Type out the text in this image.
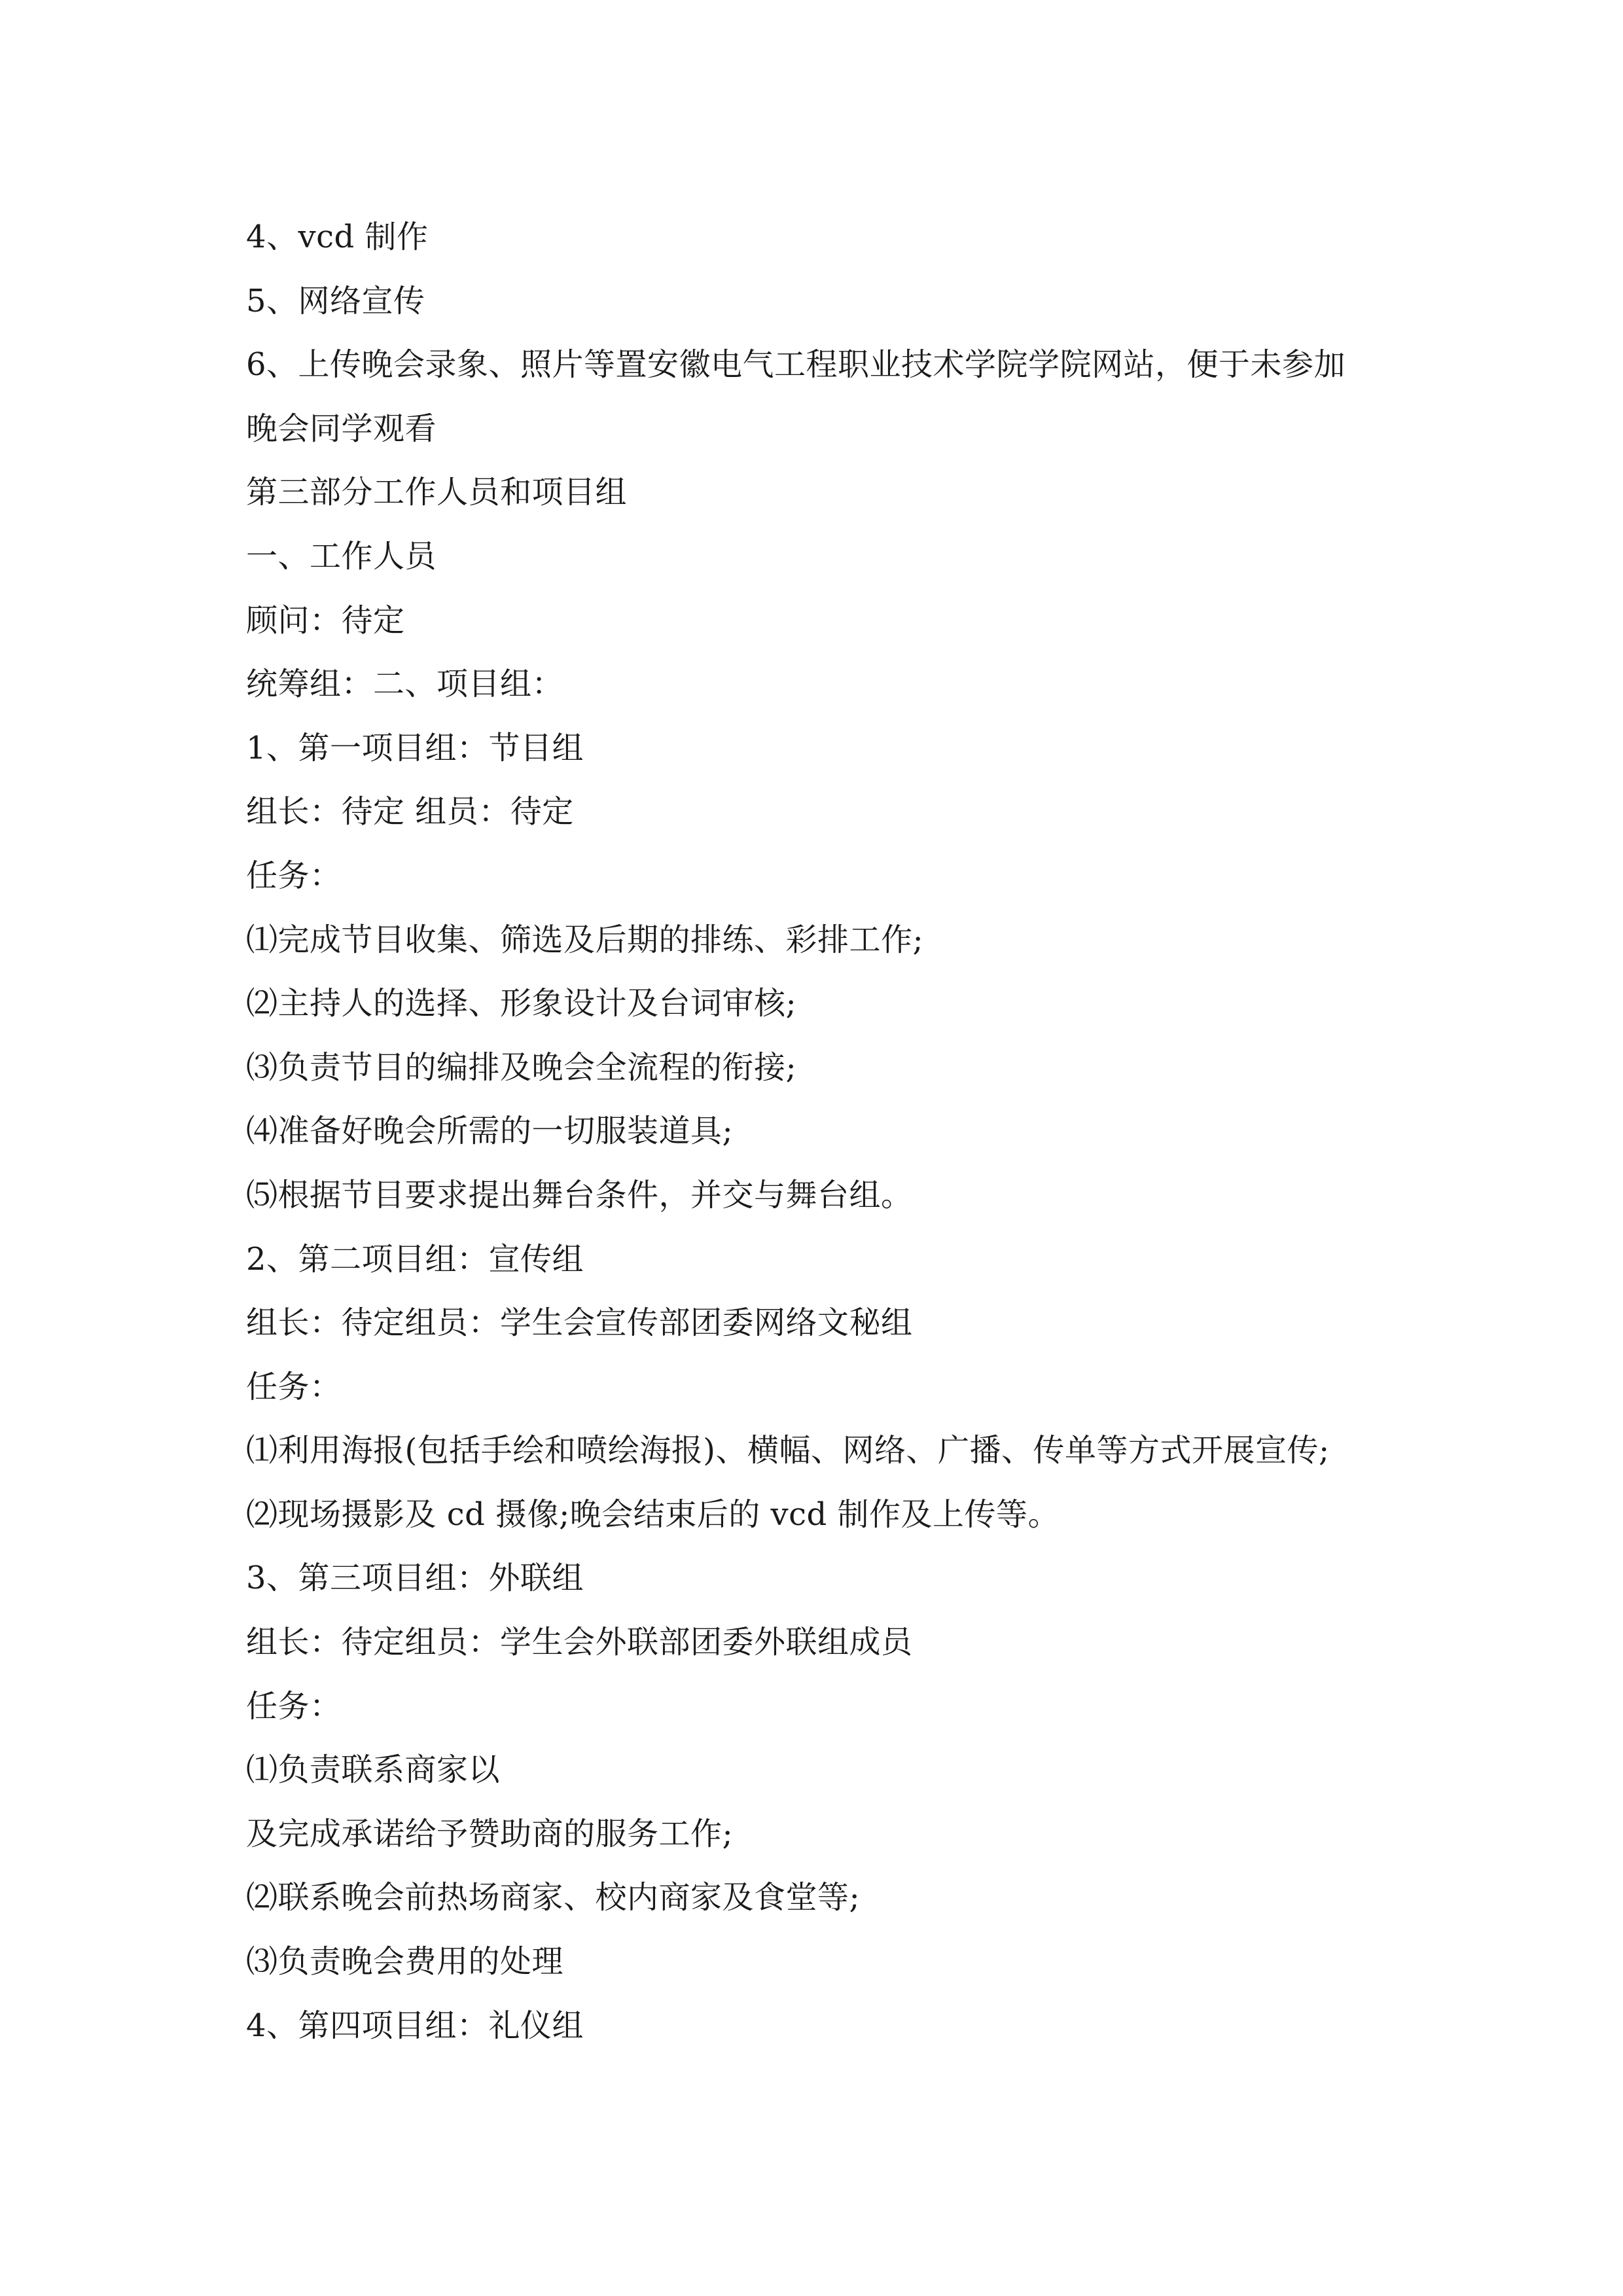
4、vcd 制作
5、网络宣传
6、上传晚会录象、照片等置安徽电气工程职业技术学院学院网站，便于未参加
晚会同学观看
第三部分工作人员和项目组
一、工作人员
顾问：待定
统筹组：二、项目组：
1、第一项目组：节目组
组长：待定 组员：待定
任务：
⑴完成节目收集、筛选及后期的排练、彩排工作;
⑵主持人的选择、形象设计及台词审核;
⑶负责节目的编排及晚会全流程的衔接;
⑷准备好晚会所需的一切服装道具;
⑸根据节目要求提出舞台条件，并交与舞台组。
2、第二项目组：宣传组
组长：待定组员：学生会宣传部团委网络文秘组
任务：
⑴利用海报(包括手绘和喷绘海报)、横幅、网络、广播、传单等方式开展宣传;
⑵现场摄影及 cd 摄像;晚会结束后的 vcd 制作及上传等。
3、第三项目组：外联组
组长：待定组员：学生会外联部团委外联组成员
任务：
⑴负责联系商家以
及完成承诺给予赞助商的服务工作;
⑵联系晚会前热场商家、校内商家及食堂等;
⑶负责晚会费用的处理
4、第四项目组：礼仪组
